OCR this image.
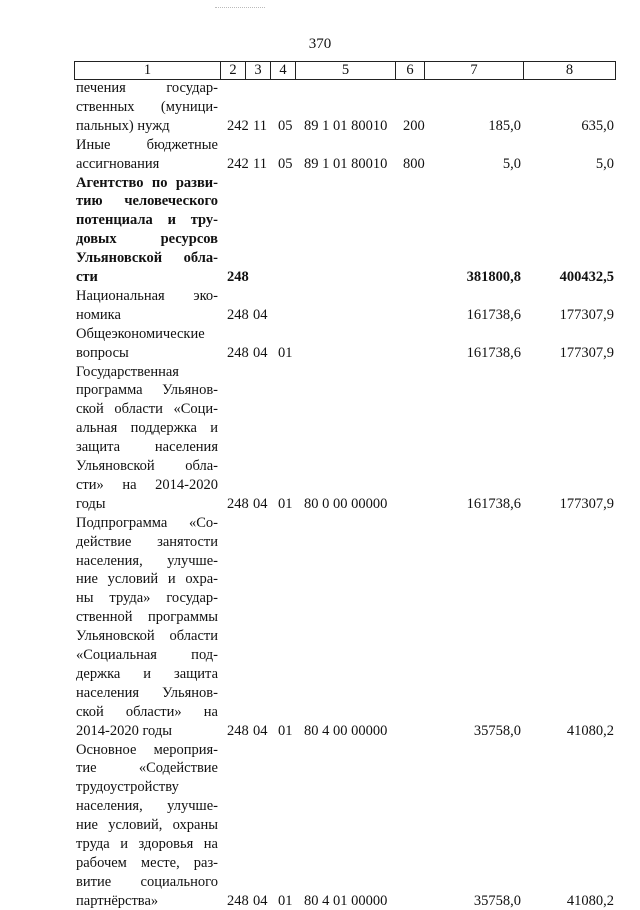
370
1	2	3	4	5	6	7	8
печения государ-
ственных (муници-
пальных) нужд	242 11 05 89 1 01 80010 200	185,0	635,0
Иные бюджетные
ассигнования	242 11 05 89 1 01 80010 800	5,0	5,0
Агентство по разви-
тию человеческого
потенциала и тру-
довых ресурсов
Ульяновской обла-
сти	248	381800,8	400432,5
Национальная эко-
номика	248 04	161738,6	177307,9
Общеэкономические
вопросы	248 04 01	161738,6	177307,9
Государственная
программа Ульянов-
ской области «Соци-
альная поддержка и
защита населения
Ульяновской обла-
сти» на 2014-2020
годы	248 04 01 80 0 00 00000	161738,6	177307,9
Подпрограмма «Со-
действие занятости
населения, улучше-
ние условий и охра-
ны труда» государ-
ственной программы
Ульяновской области
«Социальная под-
держка и защита
населения Ульянов-
ской области» на
2014-2020 годы	248 04 01 80 4 00 00000	35758,0	41080,2
Основное мероприя-
тие «Содействие
трудоустройству
населения, улучше-
ние условий, охраны
труда и здоровья на
рабочем месте, раз-
витие социального
партнёрства»	248 04 01 80 4 01 00000	35758,0	41080,2
